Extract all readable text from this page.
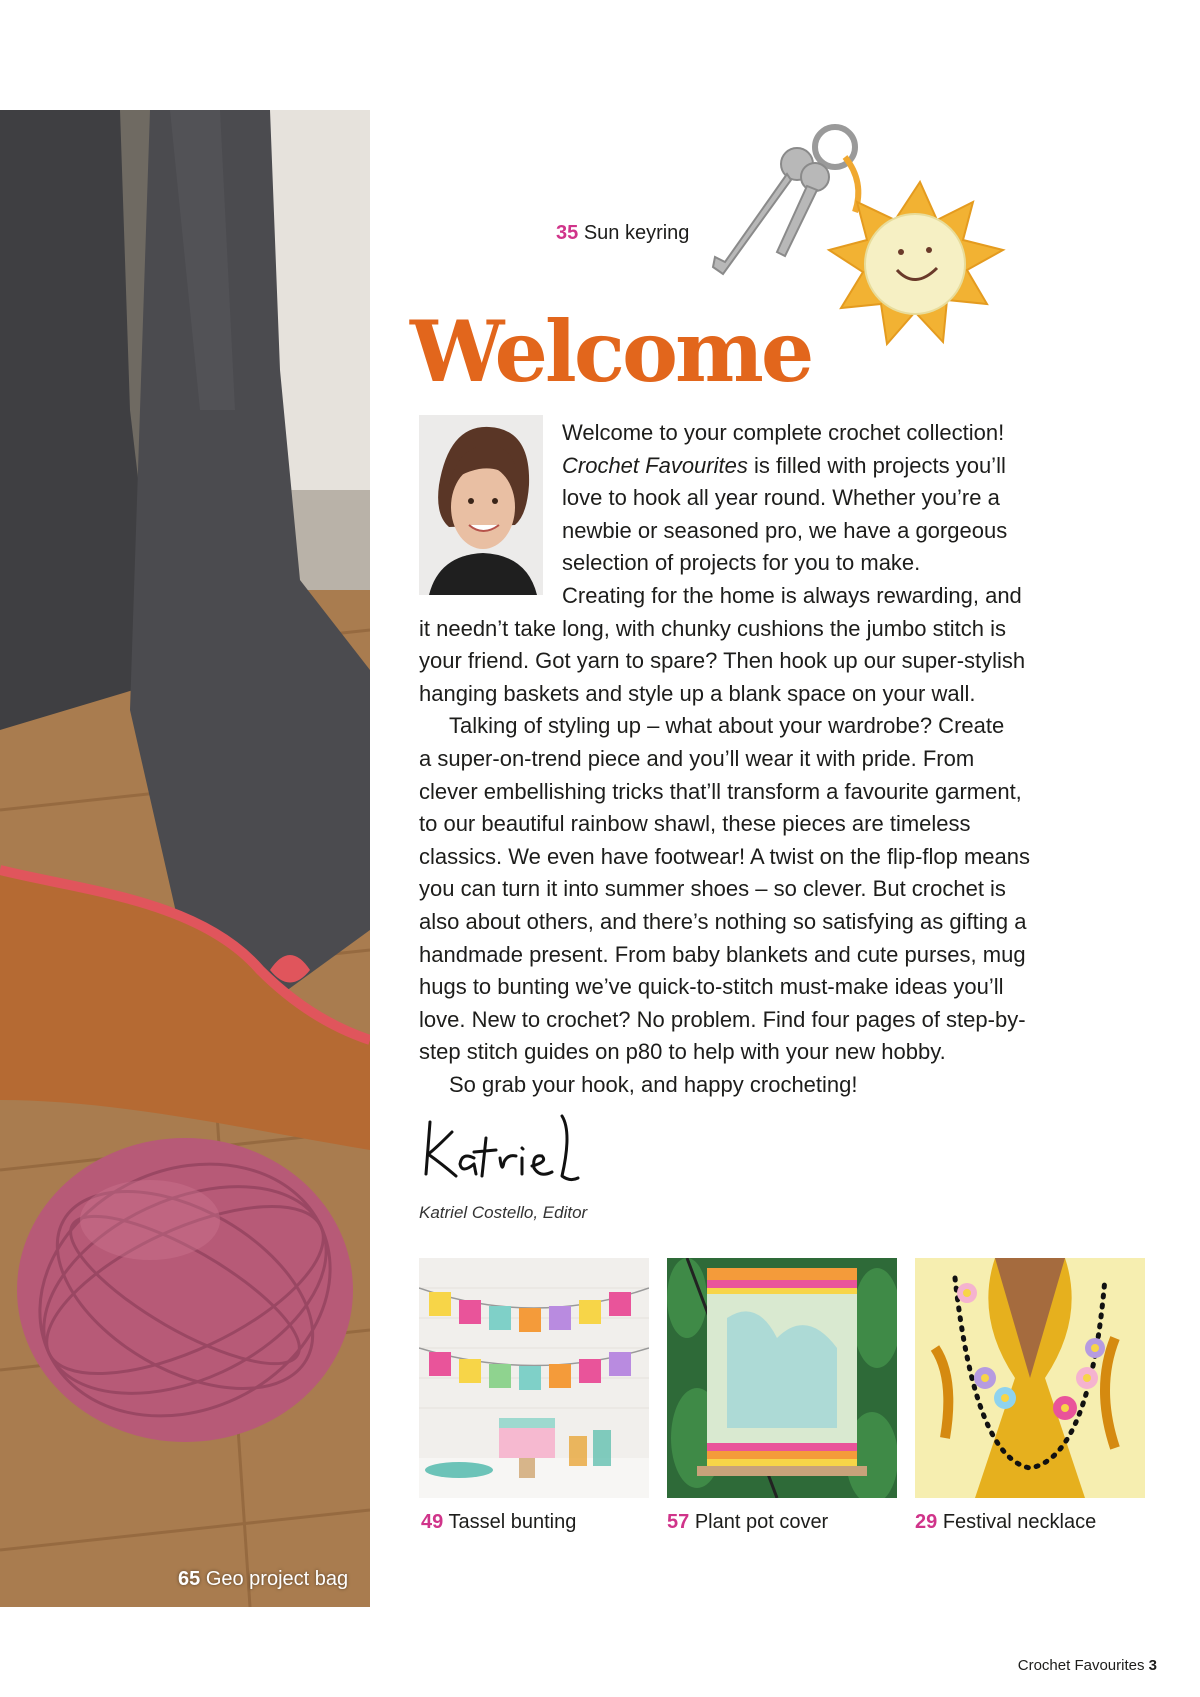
65 Geo project bag
35 Sun keyring
Welcome

Welcome to your complete crochet collection!
Crochet Favourites is filled with projects you’ll
love to hook all year round. Whether you’re a
newbie or seasoned pro, we have a gorgeous
selection of projects for you to make.

Creating for the home is always rewarding, and
it needn’t take long, with chunky cushions the jumbo stitch is
your friend. Got yarn to spare? Then hook up our super-stylish
hanging baskets and style up a blank space on your wall.

Talking of styling up – what about your wardrobe? Create
a super-on-trend piece and you’ll wear it with pride. From
clever embellishing tricks that’ll transform a favourite garment,
to our beautiful rainbow shawl, these pieces are timeless
classics. We even have footwear! A twist on the flip-flop means
you can turn it into summer shoes – so clever. But crochet is
also about others, and there’s nothing so satisfying as gifting a
handmade present. From baby blankets and cute purses, mug
hugs to bunting we’ve quick-to-stitch must-make ideas you’ll
love. New to crochet? No problem. Find four pages of step-by-
step stitch guides on p80 to help with your new hobby.

So grab your hook, and happy crocheting!

Katriel Costello, Editor
49 Tassel bunting	57 Plant pot cover	29 Festival necklace
Crochet Favourites 3
